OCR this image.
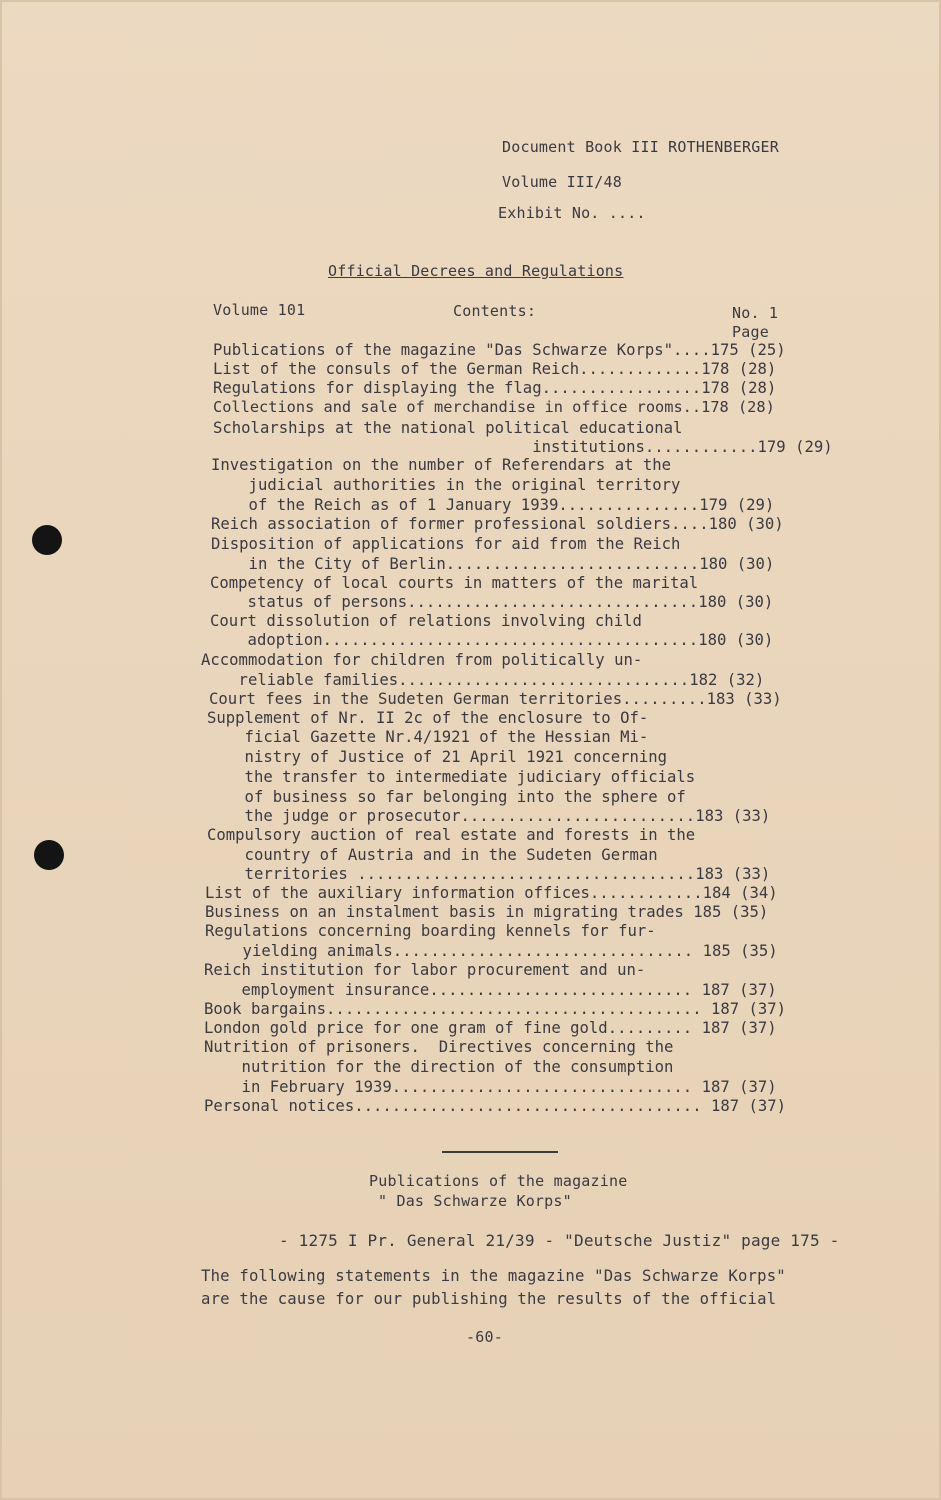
Document Book III ROTHENBERGER
Volume III/48
Exhibit No. ....
Official Decrees and Regulations
Volume 101	Contents:	No. 1
Page
Publications of the magazine "Das Schwarze Korps"....175 (25)
List of the consuls of the German Reich.............178 (28)
Regulations for displaying the flag.................178 (28)
Collections and sale of merchandise in office rooms..178 (28)
Scholarships at the national political educational
institutions............179 (29)
Investigation on the number of Referendars at the
judicial authorities in the original territory
of the Reich as of 1 January 1939...............179 (29)
Reich association of former professional soldiers....180 (30)
Disposition of applications for aid from the Reich
in the City of Berlin...........................180 (30)
Competency of local courts in matters of the marital
status of persons...............................180 (30)
Court dissolution of relations involving child
adoption........................................180 (30)
Accommodation for children from politically un-
reliable families...............................182 (32)
Court fees in the Sudeten German territories.........183 (33)
Supplement of Nr. II 2c of the enclosure to Of-
ficial Gazette Nr.4/1921 of the Hessian Mi-
nistry of Justice of 21 April 1921 concerning
the transfer to intermediate judiciary officials
of business so far belonging into the sphere of
the judge or prosecutor.........................183 (33)
Compulsory auction of real estate and forests in the
country of Austria and in the Sudeten German
territories ....................................183 (33)
List of the auxiliary information offices............184 (34)
Business on an instalment basis in migrating trades 185 (35)
Regulations concerning boarding kennels for fur-
yielding animals................................ 185 (35)
Reich institution for labor procurement and un-
employment insurance............................ 187 (37)
Book bargains........................................ 187 (37)
London gold price for one gram of fine gold......... 187 (37)
Nutrition of prisoners.  Directives concerning the
nutrition for the direction of the consumption
in February 1939................................ 187 (37)
Personal notices..................................... 187 (37)
Publications of the magazine
" Das Schwarze Korps"
- 1275 I Pr. General 21/39 - "Deutsche Justiz" page 175 -
The following statements in the magazine "Das Schwarze Korps"
are the cause for our publishing the results of the official
-60-
